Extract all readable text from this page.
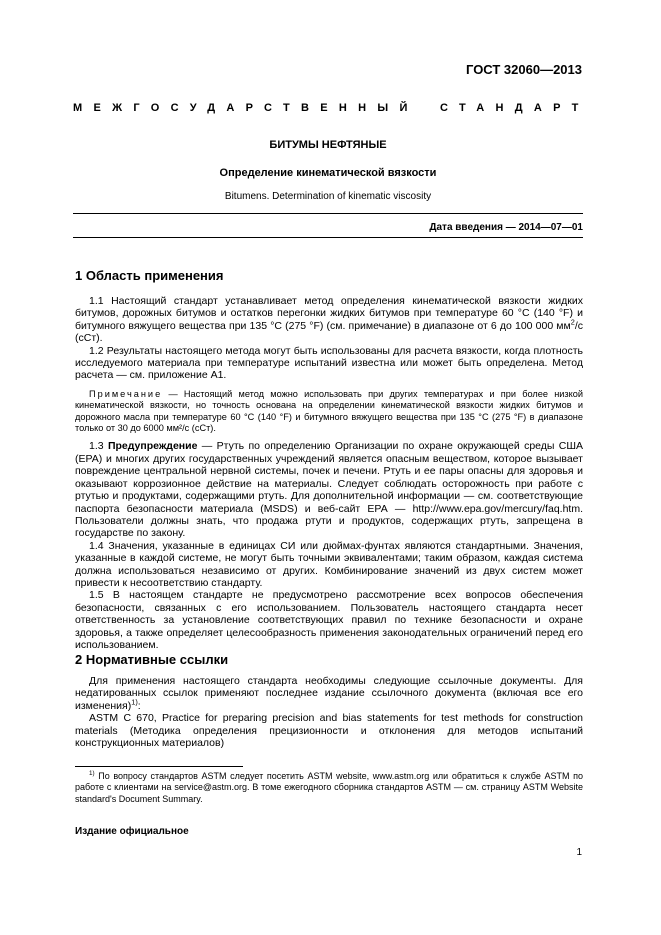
ГОСТ 32060—2013
МЕЖГОСУДАРСТВЕННЫЙ СТАНДАРТ
БИТУМЫ НЕФТЯНЫЕ
Определение кинематической вязкости
Bitumens. Determination of kinematic viscosity
Дата введения — 2014—07—01
1 Область применения

1.1 Настоящий стандарт устанавливает метод определения кинематической вязкости жидких битумов, дорожных битумов и остатков перегонки жидких битумов при температуре 60 °С (140 °F) и битумного вяжущего вещества при 135 °С (275 °F) (см. примечание) в диапазоне от 6 до 100 000 $мм^2/с$ (сСт).

1.2 Результаты настоящего метода могут быть использованы для расчета вязкости, когда плотность исследуемого материала при температуре испытаний известна или может быть определена. Метод расчета — см. приложение А1.

Примечание — Настоящий метод можно использовать при других температурах и при более низкой кинематической вязкости, но точность основана на определении кинематической вязкости жидких битумов и дорожного масла при температуре 60 °С (140 °F) и битумного вяжущего вещества при 135 °С (275 °F) в диапазоне только от 30 до 6000 мм²/с (сСт).

1.3 Предупреждение — Ртуть по определению Организации по охране окружающей среды США (ЕРА) и многих других государственных учреждений является опасным веществом, которое вызывает повреждение центральной нервной системы, почек и печени. Ртуть и ее пары опасны для здоровья и оказывают коррозионное действие на материалы. Следует соблюдать осторожность при работе с ртутью и продуктами, содержащими ртуть. Для дополнительной информации — см. соответствующие паспорта безопасности материала (MSDS) и веб-сайт ЕРА — http://www.epa.gov/mercury/faq.htm. Пользователи должны знать, что продажа ртути и продуктов, содержащих ртуть, запрещена в государстве по закону.

1.4 Значения, указанные в единицах СИ или дюймах-фунтах являются стандартными. Значения, указанные в каждой системе, не могут быть точными эквивалентами; таким образом, каждая система должна использоваться независимо от других. Комбинирование значений из двух систем может привести к несоответствию стандарту.

1.5 В настоящем стандарте не предусмотрено рассмотрение всех вопросов обеспечения безопасности, связанных с его использованием. Пользователь настоящего стандарта несет ответственность за установление соответствующих правил по технике безопасности и охране здоровья, а также определяет целесообразность применения законодательных ограничений перед его использованием.

2 Нормативные ссылки

Для применения настоящего стандарта необходимы следующие ссылочные документы. Для недатированных ссылок применяют последнее издание ссылочного документа (включая все его изменения)$^{1)}$:

ASTM С 670, Practice for preparing precision and bias statements for test methods for construction materials (Методика определения прецизионности и отклонения для методов испытаний конструкционных материалов)

$^{1)}$ По вопросу стандартов ASTM следует посетить ASTM website, www.astm.org или обратиться к службе ASTM по работе с клиентами на service@astm.org. В томе ежегодного сборника стандартов ASTM — см. страницу ASTM Website standard's Document Summary.

Издание официальное
1
